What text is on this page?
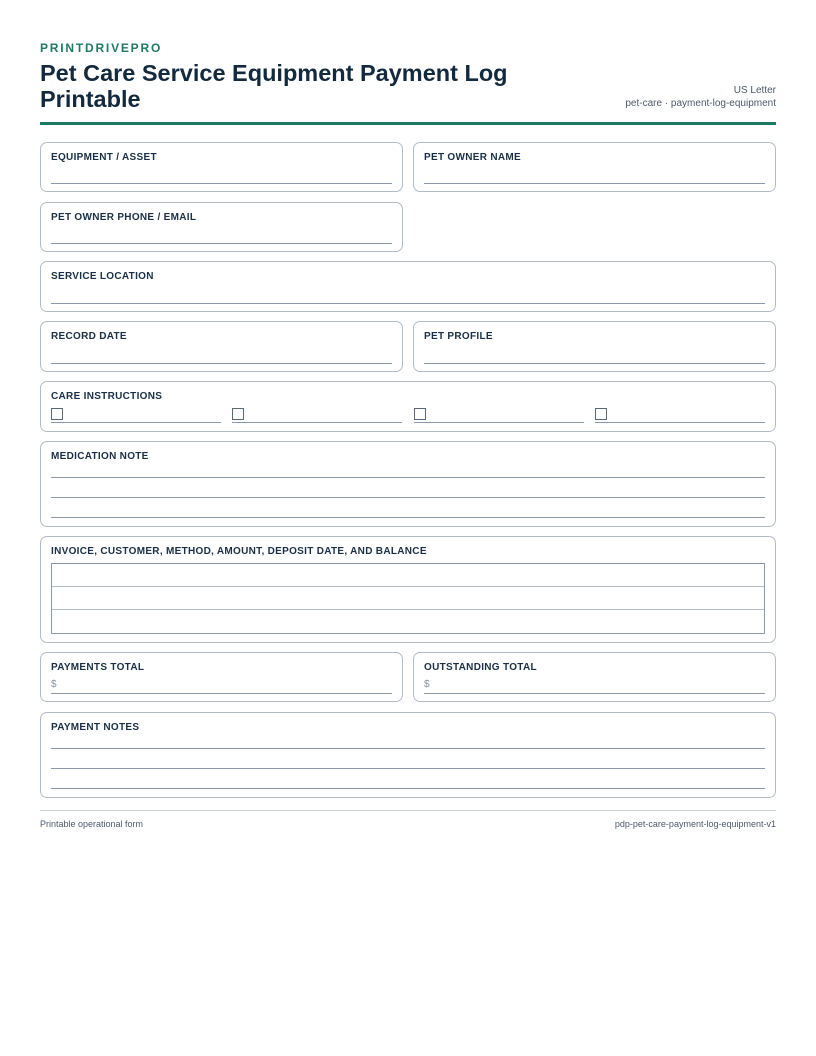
PRINTDRIVEPRO
Pet Care Service Equipment Payment Log Printable	US Letter
pet-care · payment-log-equipment
EQUIPMENT / ASSET	PET OWNER NAME
PET OWNER PHONE / EMAIL
SERVICE LOCATION
RECORD DATE	PET PROFILE
CARE INSTRUCTIONS
MEDICATION NOTE
INVOICE, CUSTOMER, METHOD, AMOUNT, DEPOSIT DATE, AND BALANCE
PAYMENTS TOTAL
$
OUTSTANDING TOTAL
$
PAYMENT NOTES
Printable operational form	pdp-pet-care-payment-log-equipment-v1
